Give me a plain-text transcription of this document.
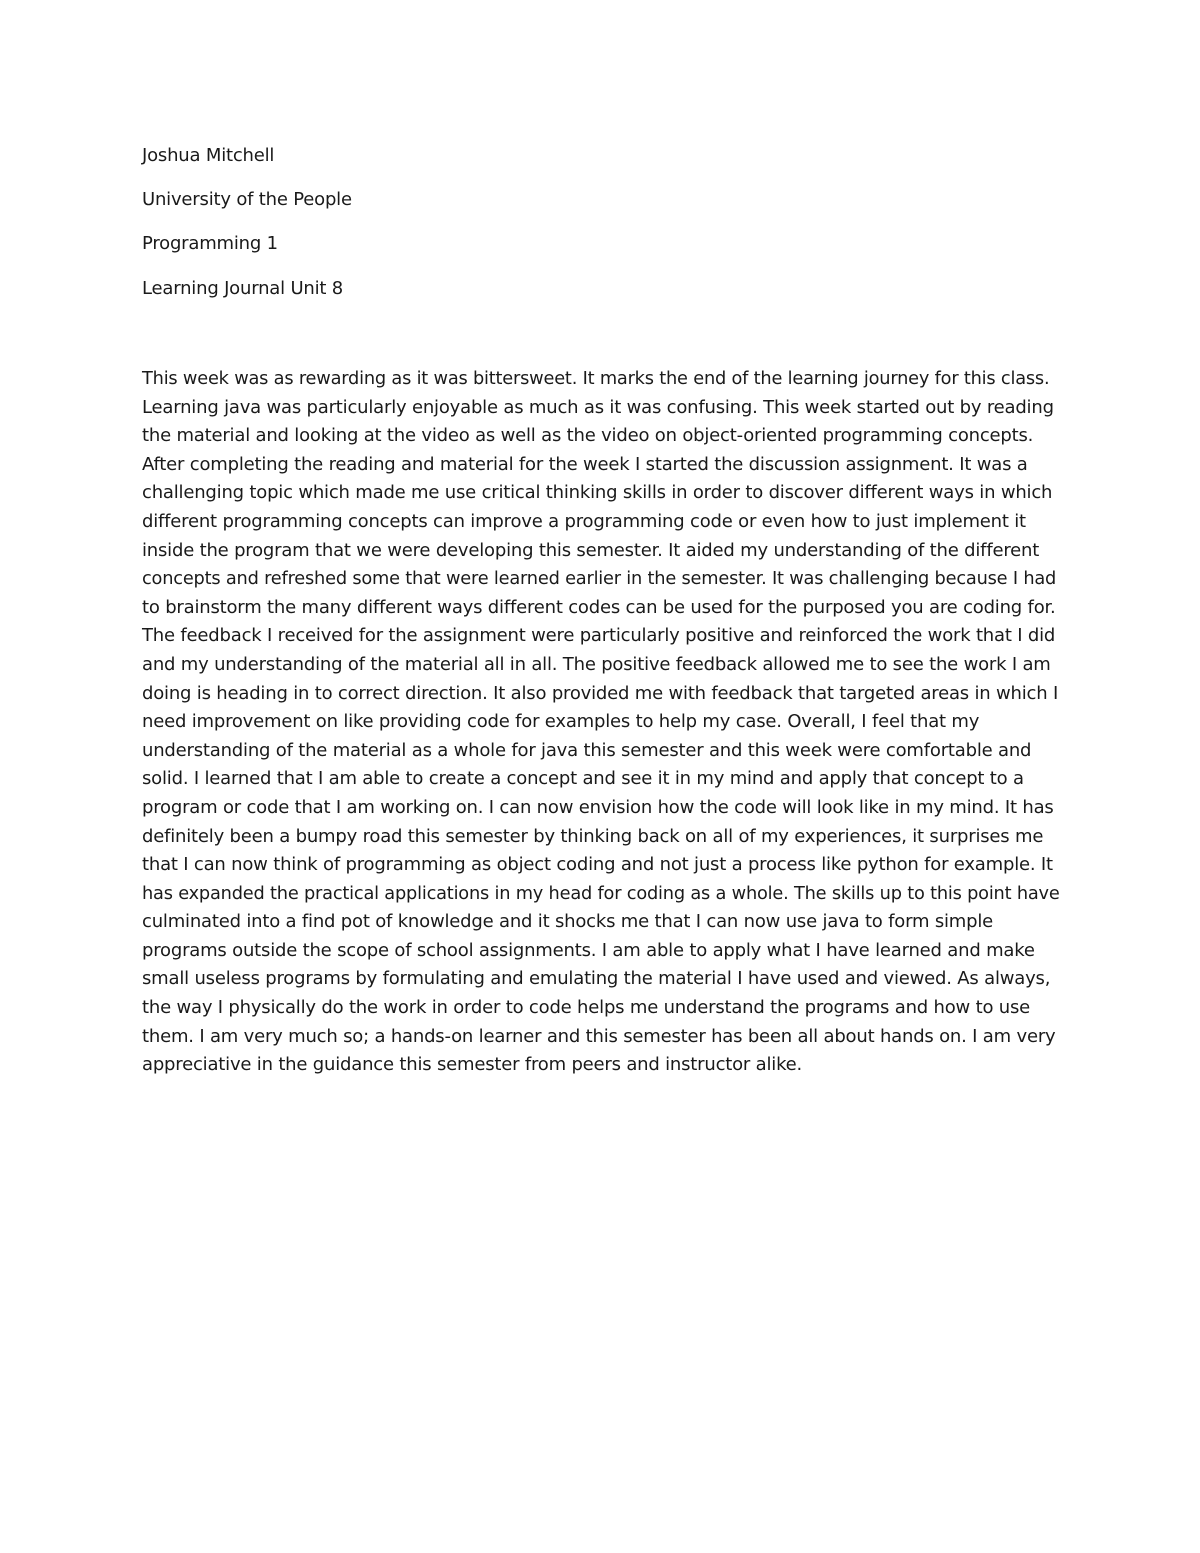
Joshua Mitchell
University of the People
Programming 1
Learning Journal Unit 8
This week was as rewarding as it was bittersweet. It marks the end of the learning journey for this class.
Learning java was particularly enjoyable as much as it was confusing. This week started out by reading
the material and looking at the video as well as the video on object-oriented programming concepts.
After completing the reading and material for the week I started the discussion assignment. It was a
challenging topic which made me use critical thinking skills in order to discover different ways in which
different programming concepts can improve a programming code or even how to just implement it
inside the program that we were developing this semester. It aided my understanding of the different
concepts and refreshed some that were learned earlier in the semester. It was challenging because I had
to brainstorm the many different ways different codes can be used for the purposed you are coding for.
The feedback I received for the assignment were particularly positive and reinforced the work that I did
and my understanding of the material all in all. The positive feedback allowed me to see the work I am
doing is heading in to correct direction. It also provided me with feedback that targeted areas in which I
need improvement on like providing code for examples to help my case. Overall, I feel that my
understanding of the material as a whole for java this semester and this week were comfortable and
solid. I learned that I am able to create a concept and see it in my mind and apply that concept to a
program or code that I am working on. I can now envision how the code will look like in my mind. It has
definitely been a bumpy road this semester by thinking back on all of my experiences, it surprises me
that I can now think of programming as object coding and not just a process like python for example. It
has expanded the practical applications in my head for coding as a whole. The skills up to this point have
culminated into a find pot of knowledge and it shocks me that I can now use java to form simple
programs outside the scope of school assignments. I am able to apply what I have learned and make
small useless programs by formulating and emulating the material I have used and viewed. As always,
the way I physically do the work in order to code helps me understand the programs and how to use
them. I am very much so; a hands-on learner and this semester has been all about hands on. I am very
appreciative in the guidance this semester from peers and instructor alike.
